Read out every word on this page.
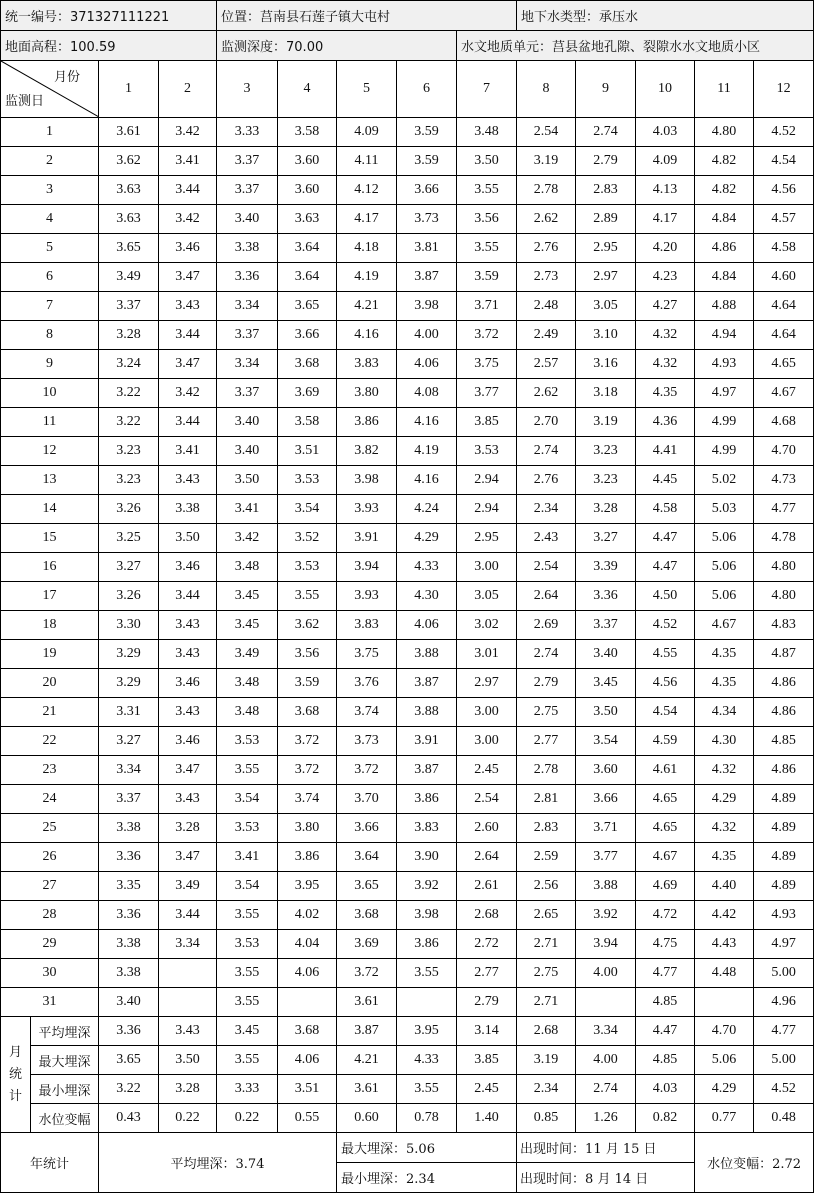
统一编号：371327111221				位置：莒南县石莲子镇大屯村					地下水类型：承压水				
地面高程：100.59				监测深度：70.00				水文地质单元：莒县盆地孔隙、裂隙水水文地质小区					

月份
监测日		1	2	3	4	5	6	7	8	9	10	11	12
1		3.61	3.42	3.33	3.58	4.09	3.59	3.48	2.54	2.74	4.03	4.80	4.52
2		3.62	3.41	3.37	3.60	4.11	3.59	3.50	3.19	2.79	4.09	4.82	4.54
3		3.63	3.44	3.37	3.60	4.12	3.66	3.55	2.78	2.83	4.13	4.82	4.56
4		3.63	3.42	3.40	3.63	4.17	3.73	3.56	2.62	2.89	4.17	4.84	4.57
5		3.65	3.46	3.38	3.64	4.18	3.81	3.55	2.76	2.95	4.20	4.86	4.58
6		3.49	3.47	3.36	3.64	4.19	3.87	3.59	2.73	2.97	4.23	4.84	4.60
7		3.37	3.43	3.34	3.65	4.21	3.98	3.71	2.48	3.05	4.27	4.88	4.64
8		3.28	3.44	3.37	3.66	4.16	4.00	3.72	2.49	3.10	4.32	4.94	4.64
9		3.24	3.47	3.34	3.68	3.83	4.06	3.75	2.57	3.16	4.32	4.93	4.65
10		3.22	3.42	3.37	3.69	3.80	4.08	3.77	2.62	3.18	4.35	4.97	4.67
11		3.22	3.44	3.40	3.58	3.86	4.16	3.85	2.70	3.19	4.36	4.99	4.68
12		3.23	3.41	3.40	3.51	3.82	4.19	3.53	2.74	3.23	4.41	4.99	4.70
13		3.23	3.43	3.50	3.53	3.98	4.16	2.94	2.76	3.23	4.45	5.02	4.73
14		3.26	3.38	3.41	3.54	3.93	4.24	2.94	2.34	3.28	4.58	5.03	4.77
15		3.25	3.50	3.42	3.52	3.91	4.29	2.95	2.43	3.27	4.47	5.06	4.78
16		3.27	3.46	3.48	3.53	3.94	4.33	3.00	2.54	3.39	4.47	5.06	4.80
17		3.26	3.44	3.45	3.55	3.93	4.30	3.05	2.64	3.36	4.50	5.06	4.80
18		3.30	3.43	3.45	3.62	3.83	4.06	3.02	2.69	3.37	4.52	4.67	4.83
19		3.29	3.43	3.49	3.56	3.75	3.88	3.01	2.74	3.40	4.55	4.35	4.87
20		3.29	3.46	3.48	3.59	3.76	3.87	2.97	2.79	3.45	4.56	4.35	4.86
21		3.31	3.43	3.48	3.68	3.74	3.88	3.00	2.75	3.50	4.54	4.34	4.86
22		3.27	3.46	3.53	3.72	3.73	3.91	3.00	2.77	3.54	4.59	4.30	4.85
23		3.34	3.47	3.55	3.72	3.72	3.87	2.45	2.78	3.60	4.61	4.32	4.86
24		3.37	3.43	3.54	3.74	3.70	3.86	2.54	2.81	3.66	4.65	4.29	4.89
25		3.38	3.28	3.53	3.80	3.66	3.83	2.60	2.83	3.71	4.65	4.32	4.89
26		3.36	3.47	3.41	3.86	3.64	3.90	2.64	2.59	3.77	4.67	4.35	4.89
27		3.35	3.49	3.54	3.95	3.65	3.92	2.61	2.56	3.88	4.69	4.40	4.89
28		3.36	3.44	3.55	4.02	3.68	3.98	2.68	2.65	3.92	4.72	4.42	4.93
29		3.38	3.34	3.53	4.04	3.69	3.86	2.72	2.71	3.94	4.75	4.43	4.97
30		3.38		3.55	4.06	3.72	3.55	2.77	2.75	4.00	4.77	4.48	5.00
31		3.40		3.55		3.61		2.79	2.71		4.85		4.96

月
统
计	平均埋深	3.36	3.43	3.45	3.68	3.87	3.95	3.14	2.68	3.34	4.47	4.70	4.77
	最大埋深	3.65	3.50	3.55	4.06	4.21	4.33	3.85	3.19	4.00	4.85	5.06	5.00
	最小埋深	3.22	3.28	3.33	3.51	3.61	3.55	2.45	2.34	2.74	4.03	4.29	4.52
	水位变幅	0.43	0.22	0.22	0.55	0.60	0.78	1.40	0.85	1.26	0.82	0.77	0.48
年统计		平均埋深：3.74				最大埋深：5.06			出现时间：11 月 15 日			水位变幅：2.72	
						最小埋深：2.34			出现时间：8 月 14 日				
